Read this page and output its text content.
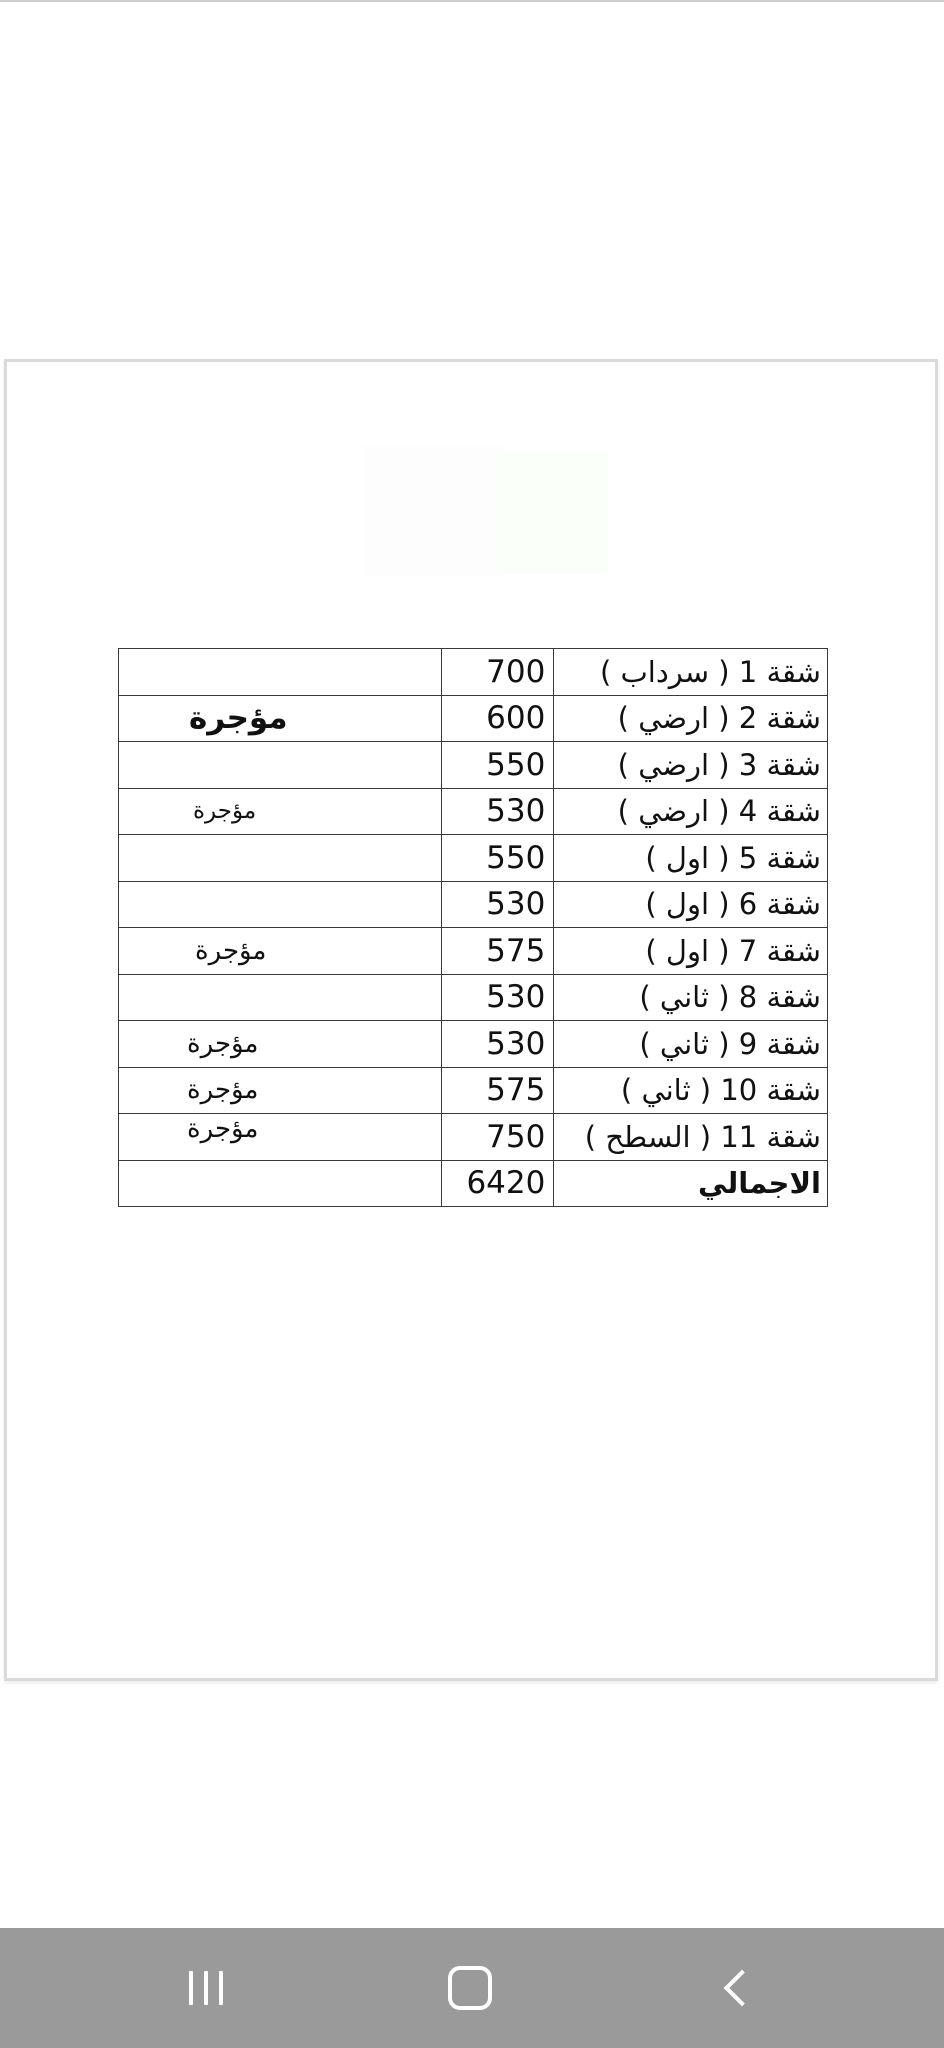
	700	شقة 1 ( سرداب )
مؤجرة	600	شقة 2 ( ارضي )
	550	شقة 3 ( ارضي )
مؤجرة	530	شقة 4 ( ارضي )
	550	شقة 5 ( اول )
	530	شقة 6 ( اول )
مؤجرة	575	شقة 7 ( اول )
	530	شقة 8 ( ثاني )
مؤجرة	530	شقة 9 ( ثاني )
مؤجرة	575	شقة 10 ( ثاني )
مؤجرة	750	شقة 11 ( السطح )
	6420	الاجمالي
